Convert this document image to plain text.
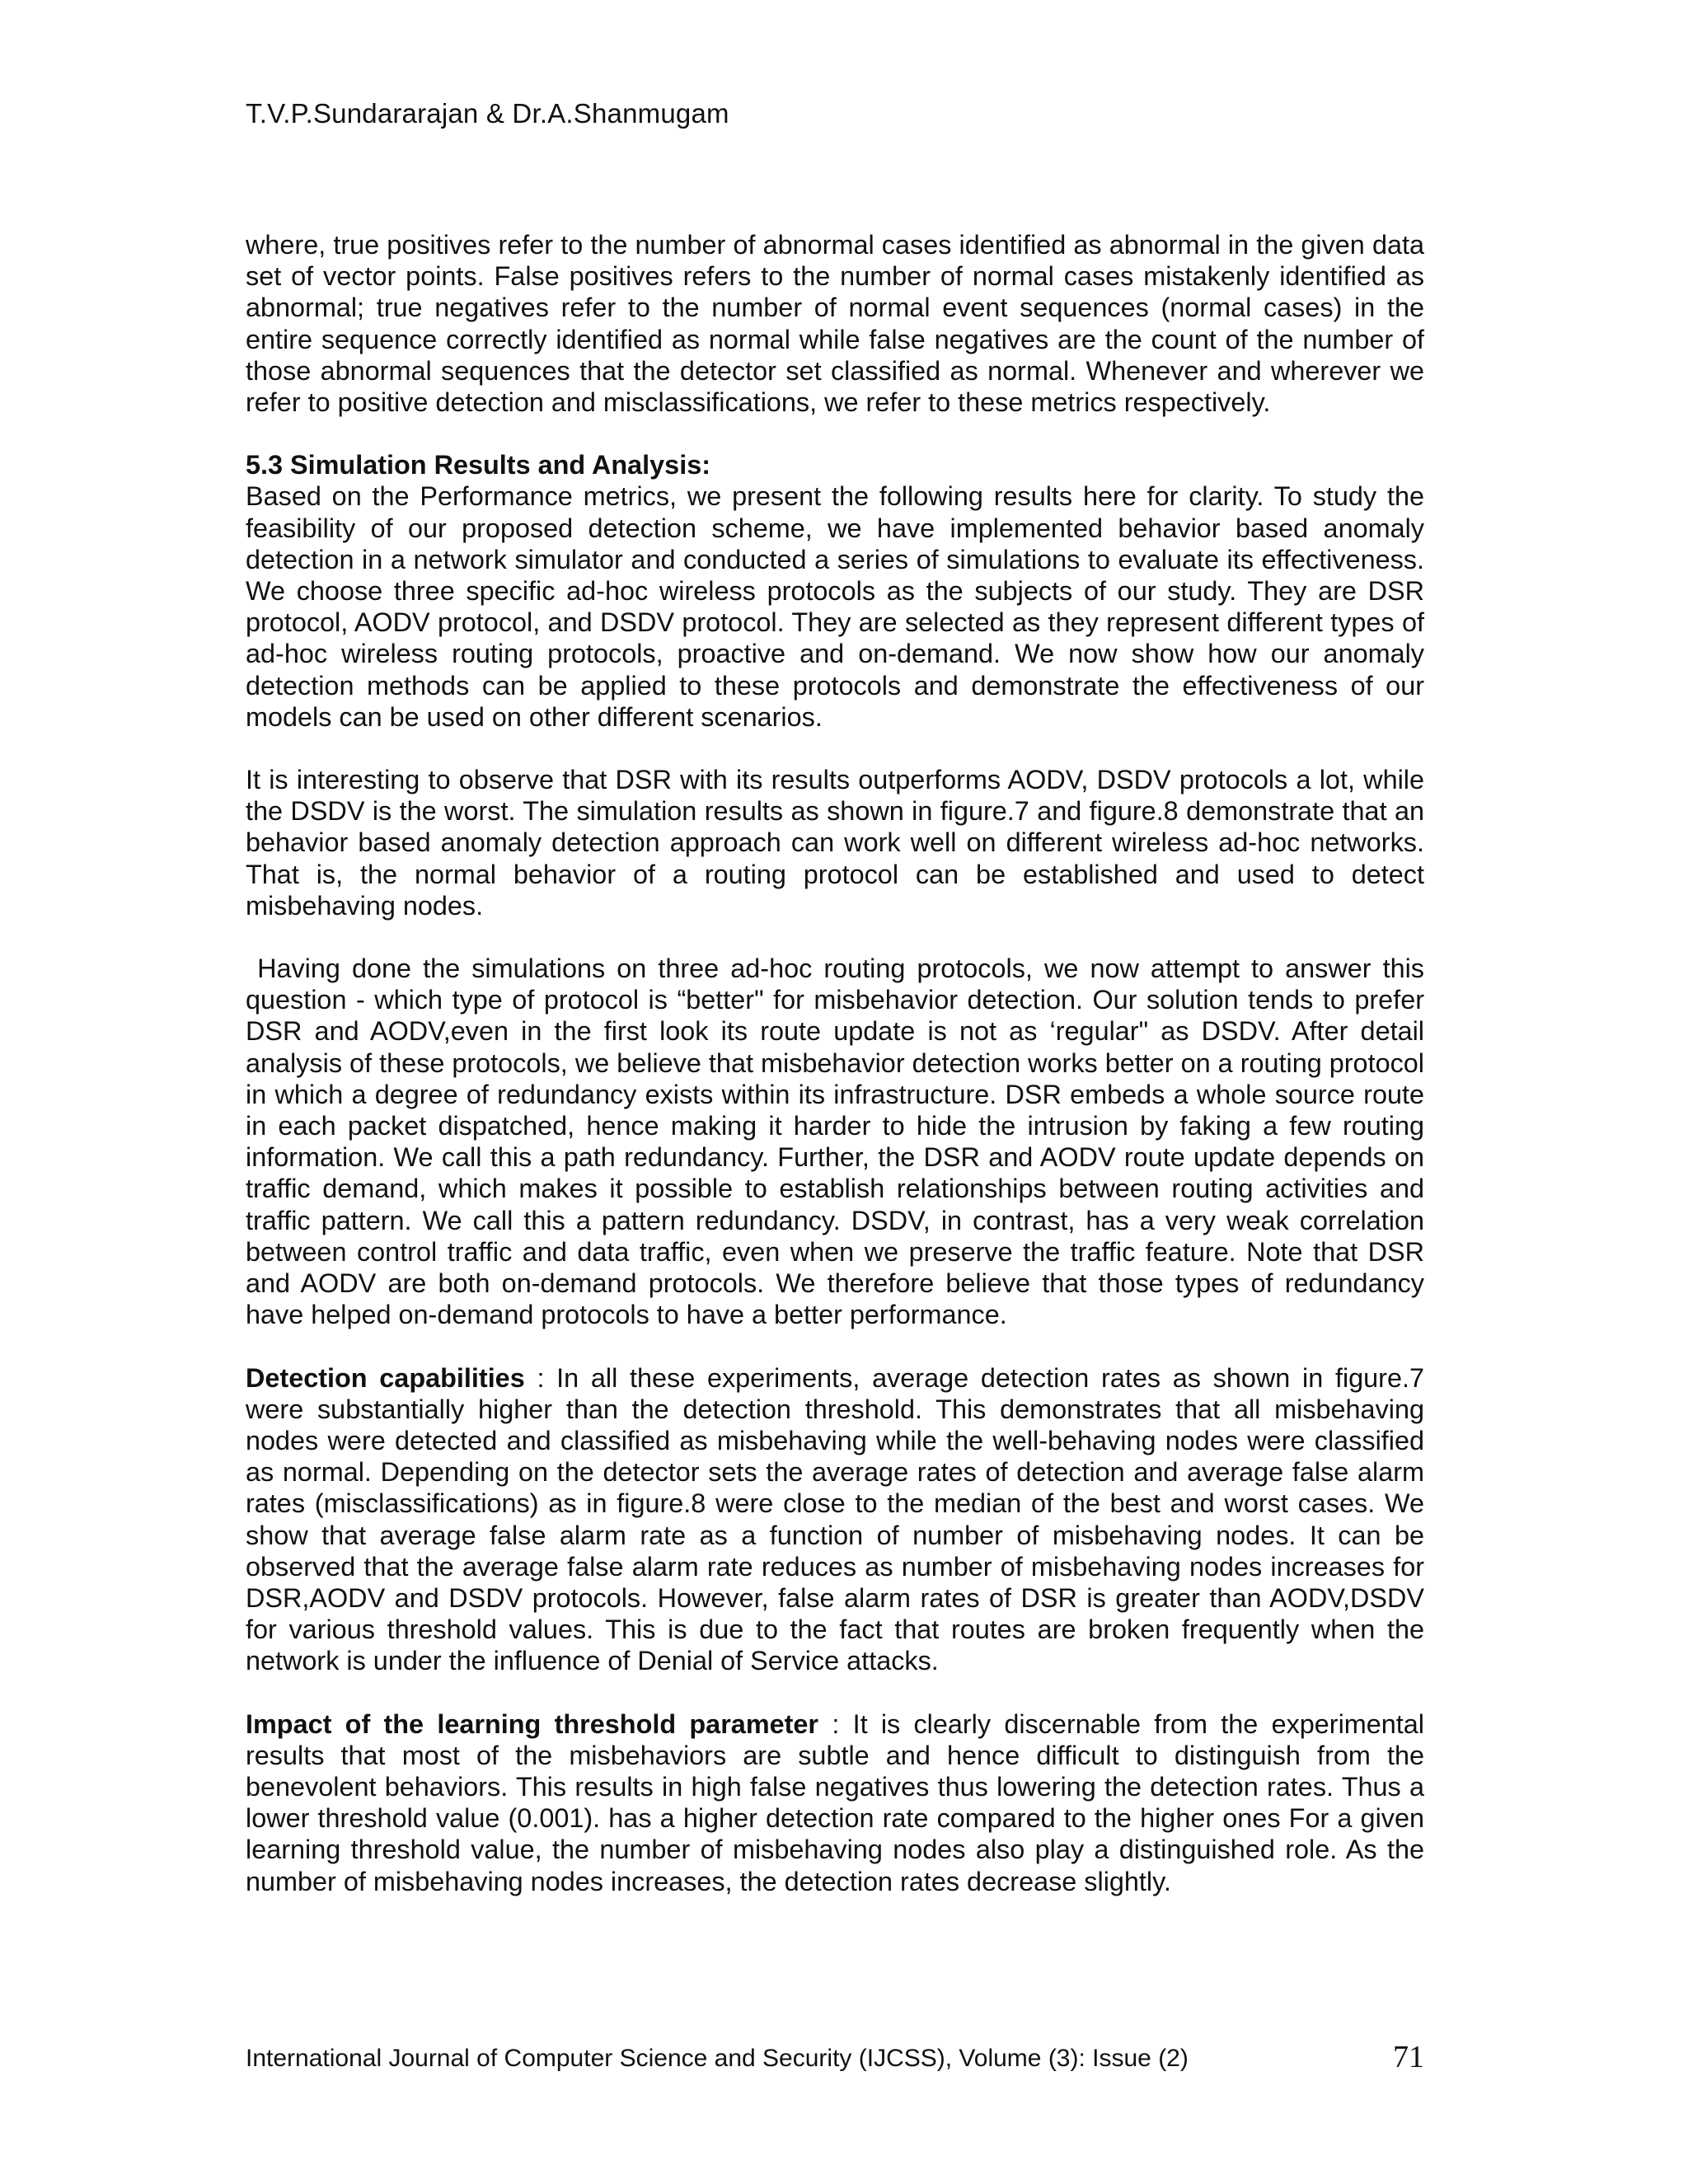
T.V.P.Sundararajan & Dr.A.Shanmugam

where, true positives refer to the number of abnormal cases identified as abnormal in the given data set of vector points. False positives refers to the number of normal cases mistakenly identified as abnormal; true negatives refer to the number of normal event sequences (normal cases) in the entire sequence correctly identified as normal while false negatives are the count of the number of those abnormal sequences that the detector set classified as normal. Whenever and wherever we refer to positive detection and misclassifications, we refer to these metrics respectively.

5.3 Simulation Results and Analysis:

Based on the Performance metrics, we present the following results here for clarity. To study the feasibility of our proposed detection scheme, we have implemented behavior based anomaly detection in a network simulator and conducted a series of simulations to evaluate its effectiveness. We choose three specific ad-hoc wireless protocols as the subjects of our study. They are DSR protocol, AODV protocol, and DSDV protocol. They are selected as they represent different types of ad-hoc wireless routing protocols, proactive and on-demand. We now show how our anomaly detection methods can be applied to these protocols and demonstrate the effectiveness of our models can be used on other different scenarios.

It is interesting to observe that DSR with its results outperforms AODV, DSDV protocols a lot, while the DSDV is the worst. The simulation results as shown in figure.7 and figure.8 demonstrate that an behavior based anomaly detection approach can work well on different wireless ad-hoc networks. That is, the normal behavior of a routing protocol can be established and used to detect misbehaving nodes.

Having done the simulations on three ad-hoc routing protocols, we now attempt to answer this question - which type of protocol is “better" for misbehavior detection. Our solution tends to prefer DSR and AODV,even in the first look its route update is not as ‘regular" as DSDV. After detail analysis of these protocols, we believe that misbehavior detection works better on a routing protocol in which a degree of redundancy exists within its infrastructure. DSR embeds a whole source route in each packet dispatched, hence making it harder to hide the intrusion by faking a few routing information. We call this a path redundancy. Further, the DSR and AODV route update depends on traffic demand, which makes it possible to establish relationships between routing activities and traffic pattern. We call this a pattern redundancy. DSDV, in contrast, has a very weak correlation between control traffic and data traffic, even when we preserve the traffic feature. Note that DSR and AODV are both on-demand protocols. We therefore believe that those types of redundancy have helped on-demand protocols to have a better performance.

Detection capabilities : In all these experiments, average detection rates as shown in figure.7 were substantially higher than the detection threshold. This demonstrates that all misbehaving nodes were detected and classified as misbehaving while the well-behaving nodes were classified as normal. Depending on the detector sets the average rates of detection and average false alarm rates (misclassifications) as in figure.8 were close to the median of the best and worst cases. We show that average false alarm rate as a function of number of misbehaving nodes. It can be observed that the average false alarm rate reduces as number of misbehaving nodes increases for DSR,AODV and DSDV protocols. However, false alarm rates of DSR is greater than AODV,DSDV for various threshold values. This is due to the fact that routes are broken frequently when the network is under the influence of Denial of Service attacks.

Impact of the learning threshold parameter : It is clearly discernable from the experimental results that most of the misbehaviors are subtle and hence difficult to distinguish from the benevolent behaviors. This results in high false negatives thus lowering the detection rates. Thus a lower threshold value (0.001). has a higher detection rate compared to the higher ones For a given learning threshold value, the number of misbehaving nodes also play a distinguished role. As the number of misbehaving nodes increases, the detection rates decrease slightly.

International Journal of Computer Science and Security (IJCSS), Volume (3): Issue (2)	71
